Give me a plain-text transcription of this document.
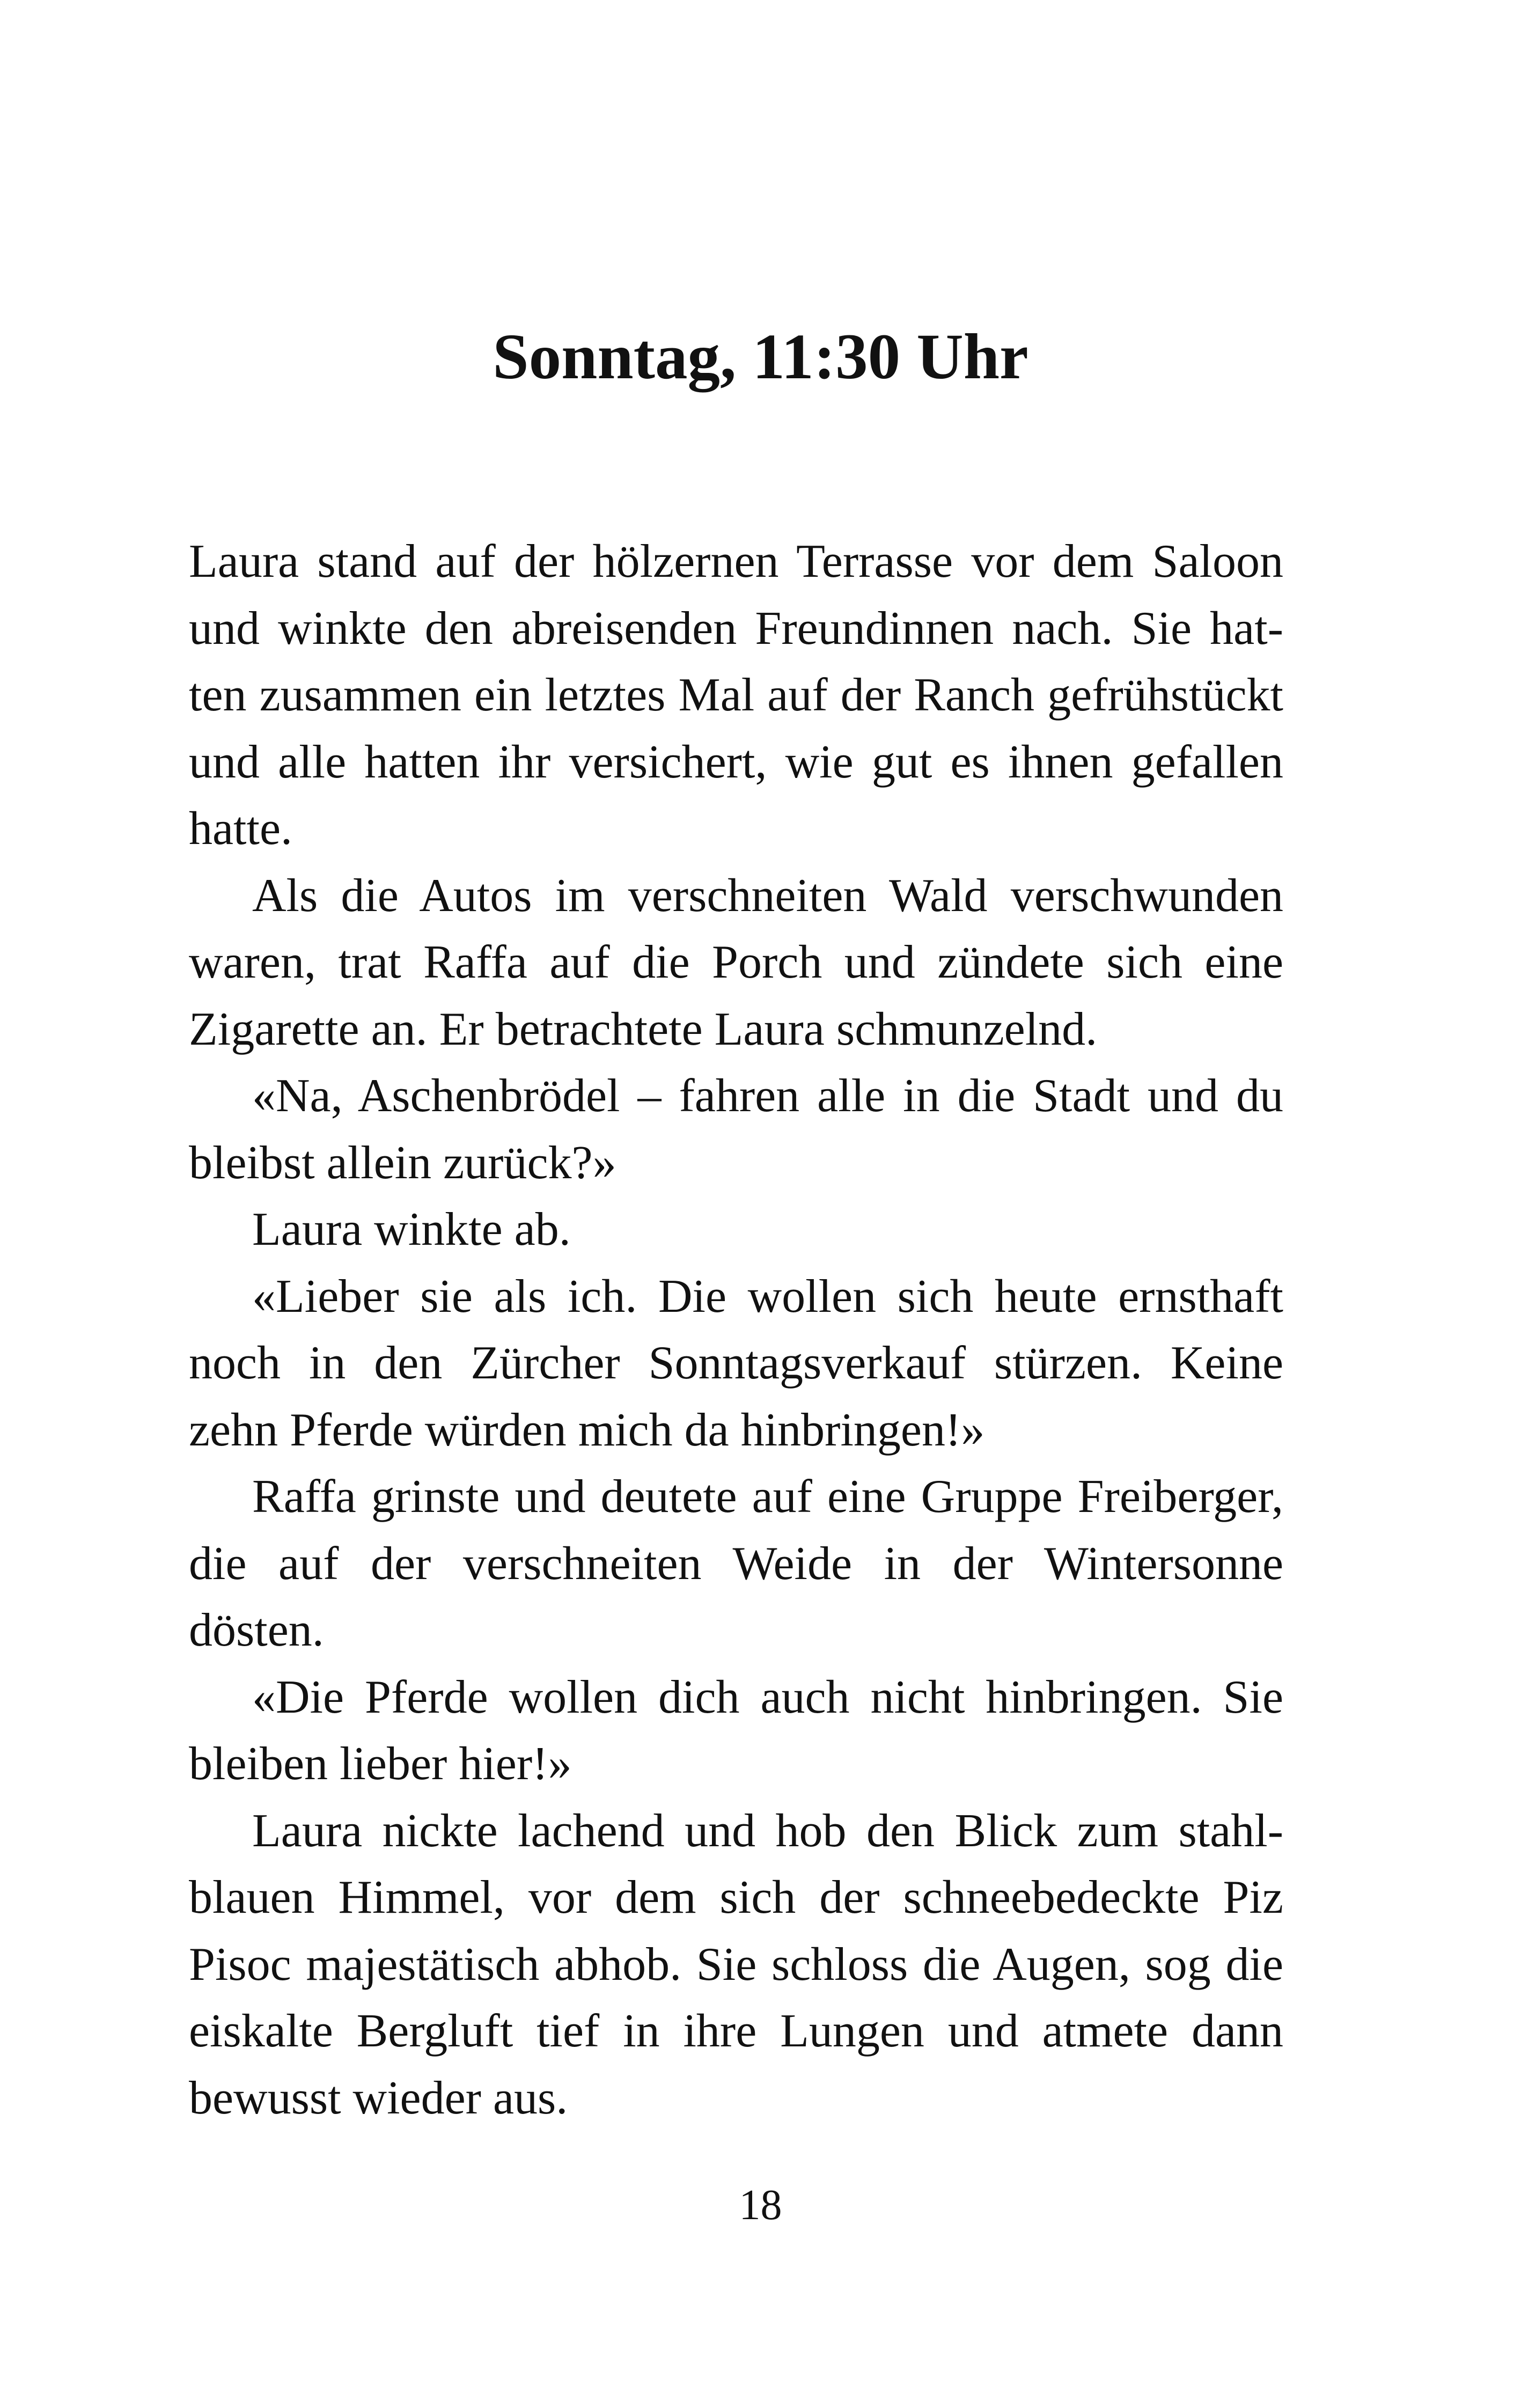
Sonntag, 11:30 Uhr

Laura stand auf der hölzernen Terrasse vor dem Saloon
und winkte den abreisenden Freundinnen nach. Sie hat-
ten zusammen ein letztes Mal auf der Ranch gefrühstückt
und alle hatten ihr versichert, wie gut es ihnen gefallen
hatte.

Als die Autos im verschneiten Wald verschwunden
waren, trat Raffa auf die Porch und zündete sich eine
Zigarette an. Er betrachtete Laura schmunzelnd.

«Na, Aschenbrödel – fahren alle in die Stadt und du
bleibst allein zurück?»

Laura winkte ab.

«Lieber sie als ich. Die wollen sich heute ernsthaft
noch in den Zürcher Sonntagsverkauf stürzen. Keine
zehn Pferde würden mich da hinbringen!»

Raffa grinste und deutete auf eine Gruppe Freiberger,
die auf der verschneiten Weide in der Wintersonne dösten.

«Die Pferde wollen dich auch nicht hinbringen. Sie
bleiben lieber hier!»

Laura nickte lachend und hob den Blick zum stahl-
blauen Himmel, vor dem sich der schneebedeckte Piz
Pisoc majestätisch abhob. Sie schloss die Augen, sog die
eiskalte Bergluft tief in ihre Lungen und atmete dann
bewusst wieder aus.

18
